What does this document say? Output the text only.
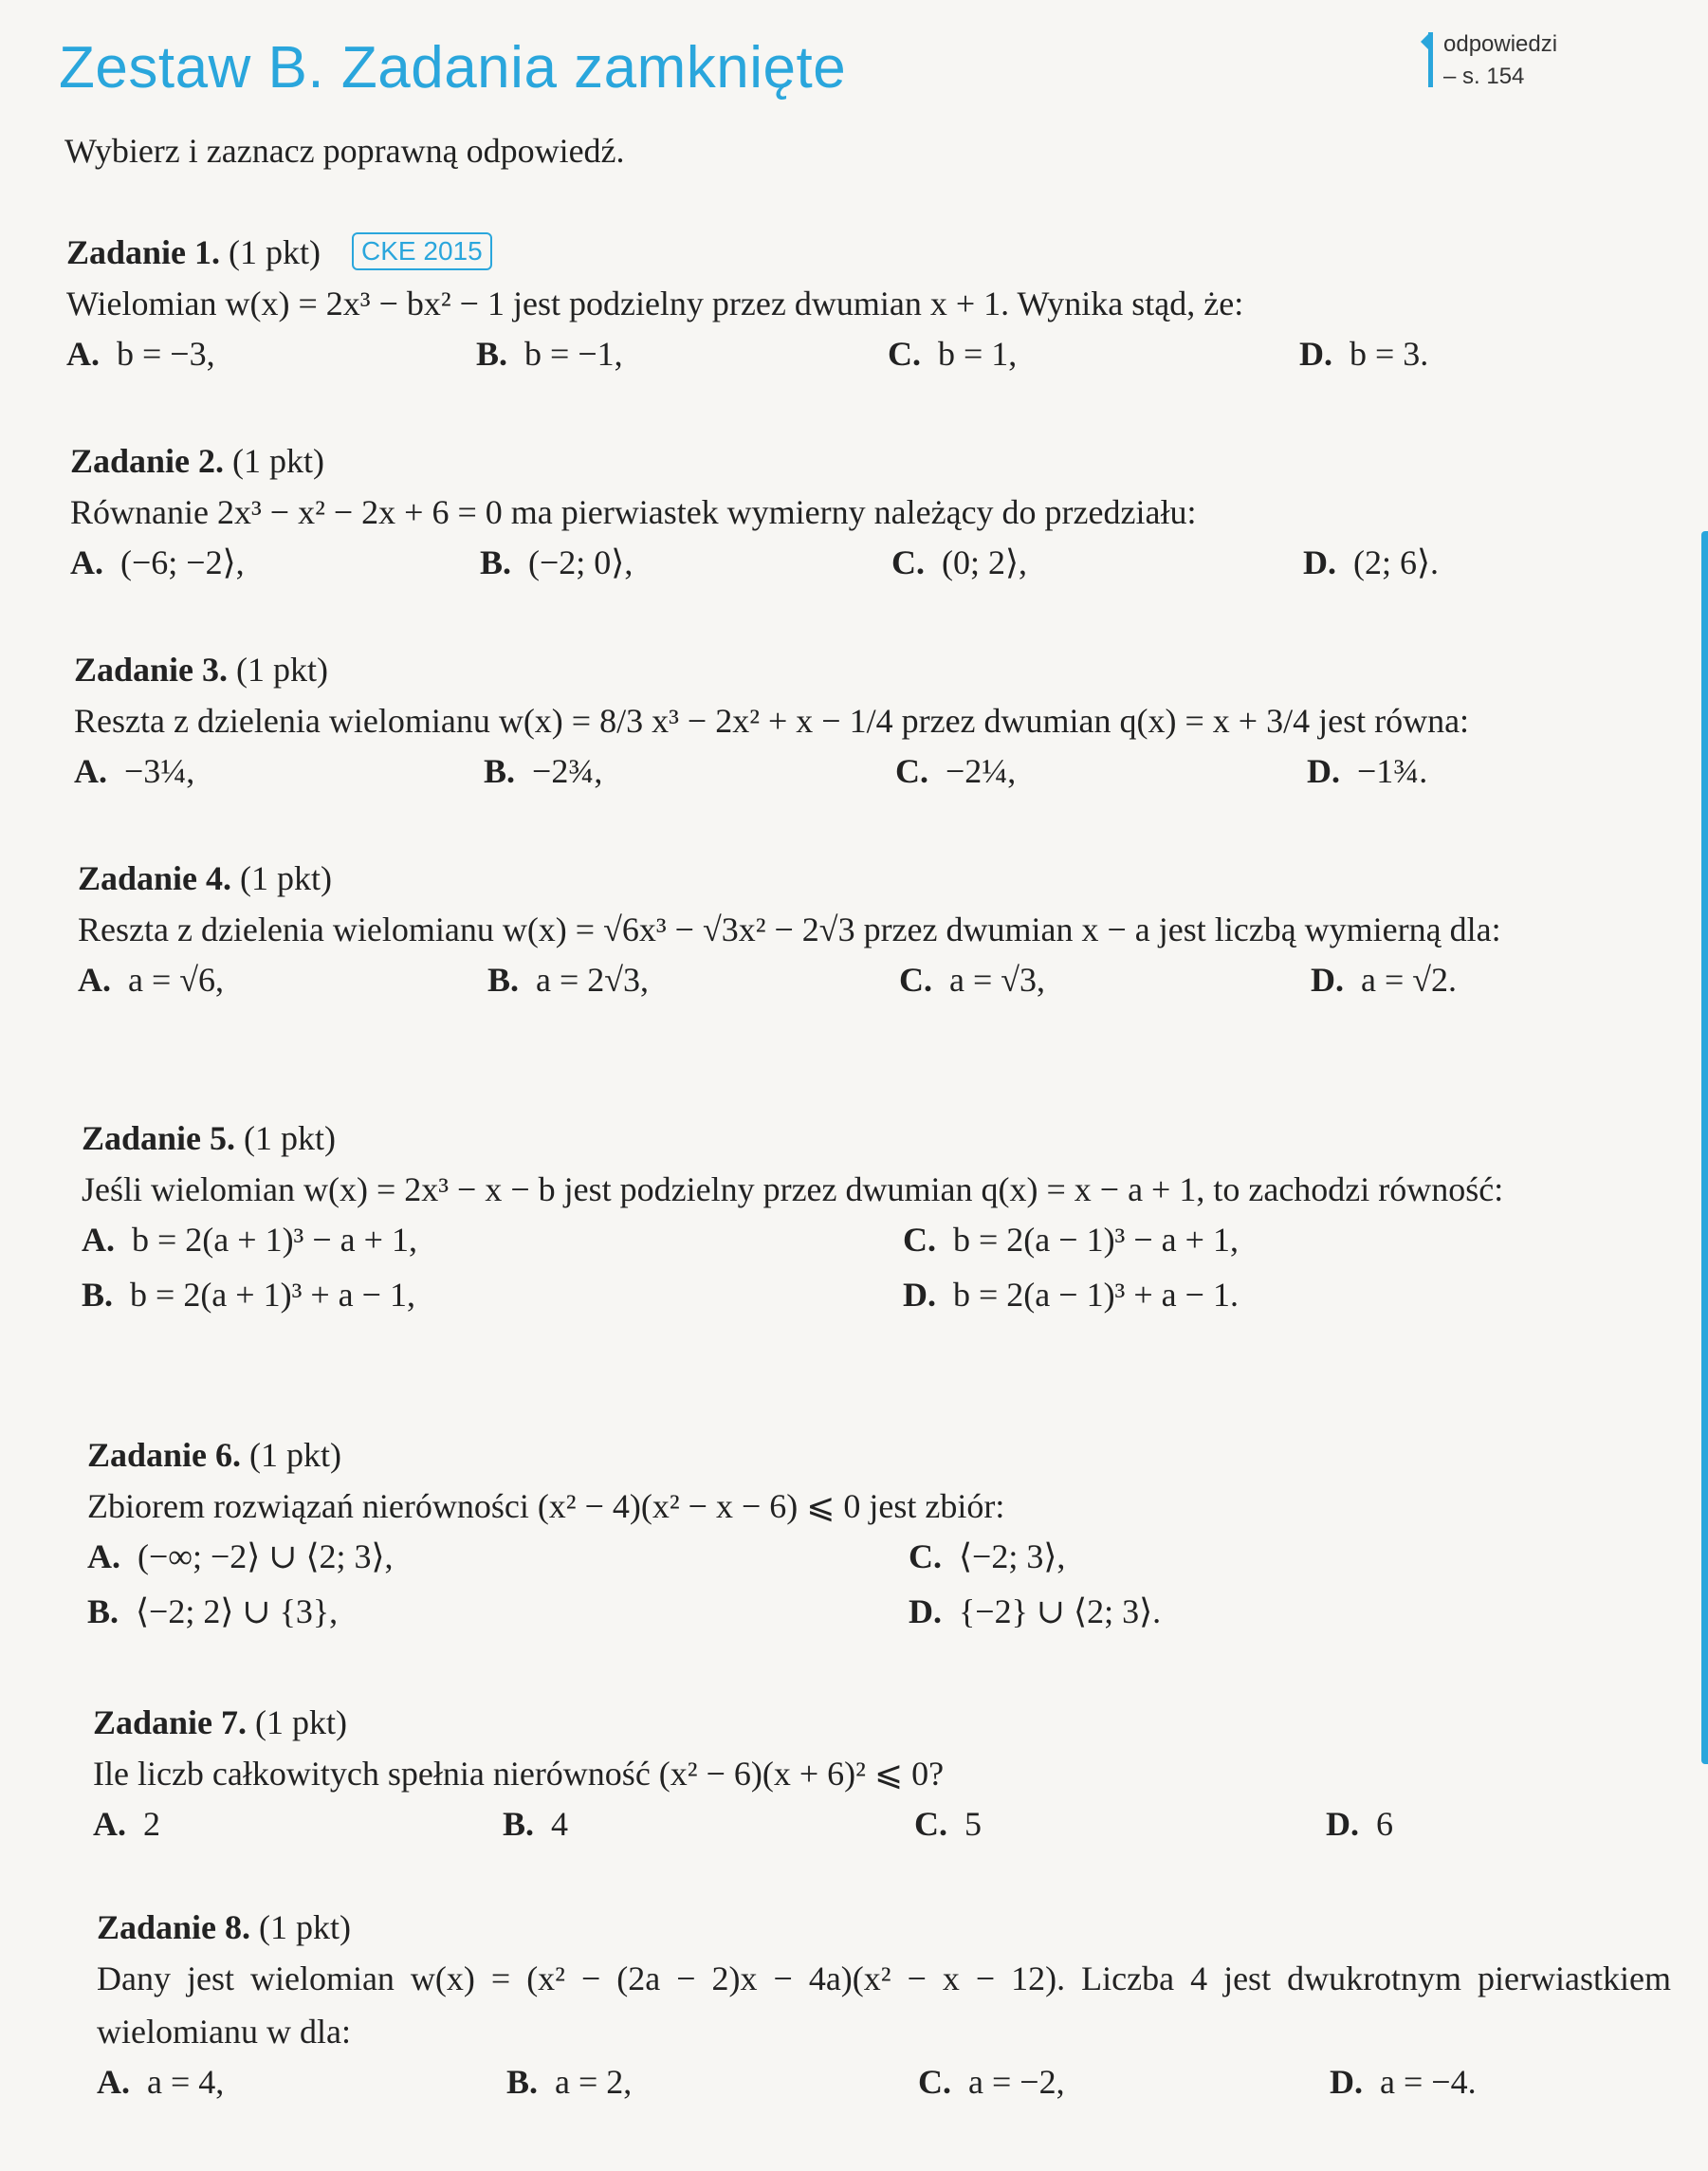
Zestaw B. Zadania zamknięte	odpowiedzi
– s. 154
Wybierz i zaznacz poprawną odpowiedź.
Zadanie 1. (1 pkt) CKE 2015
Wielomian w(x) = 2x³ − bx² − 1 jest podzielny przez dwumian x + 1. Wynika stąd, że:
A. b = −3,	B. b = −1,	C. b = 1,	D. b = 3.
Zadanie 2. (1 pkt)
Równanie 2x³ − x² − 2x + 6 = 0 ma pierwiastek wymierny należący do przedziału:
A. (−6; −2⟩,	B. (−2; 0⟩,	C. (0; 2⟩,	D. (2; 6⟩.
Zadanie 3. (1 pkt)
Reszta z dzielenia wielomianu w(x) = 8/3 x³ − 2x² + x − 1/4 przez dwumian q(x) = x + 3/4 jest równa:
A. −3¼,	B. −2¾,	C. −2¼,	D. −1¾.
Zadanie 4. (1 pkt)
Reszta z dzielenia wielomianu w(x) = √6x³ − √3x² − 2√3 przez dwumian x − a jest liczbą wymierną dla:
A. a = √6,	B. a = 2√3,	C. a = √3,	D. a = √2.
Zadanie 5. (1 pkt)
Jeśli wielomian w(x) = 2x³ − x − b jest podzielny przez dwumian q(x) = x − a + 1, to zachodzi równość:
A. b = 2(a + 1)³ − a + 1,
B. b = 2(a + 1)³ + a − 1,
C. b = 2(a − 1)³ − a + 1,
D. b = 2(a − 1)³ + a − 1.
Zadanie 6. (1 pkt)
Zbiorem rozwiązań nierówności (x² − 4)(x² − x − 6) ⩽ 0 jest zbiór:
A. (−∞; −2⟩ ∪ ⟨2; 3⟩,
B. ⟨−2; 2⟩ ∪ {3},
C. ⟨−2; 3⟩,
D. {−2} ∪ ⟨2; 3⟩.
Zadanie 7. (1 pkt)
Ile liczb całkowitych spełnia nierówność (x² − 6)(x + 6)² ⩽ 0?
A. 2	B. 4	C. 5	D. 6
Zadanie 8. (1 pkt)
Dany jest wielomian w(x) = (x² − (2a − 2)x − 4a)(x² − x − 12). Liczba 4 jest dwukrotnym pierwiastkiem wielomianu w dla:
A. a = 4,	B. a = 2,	C. a = −2,	D. a = −4.
